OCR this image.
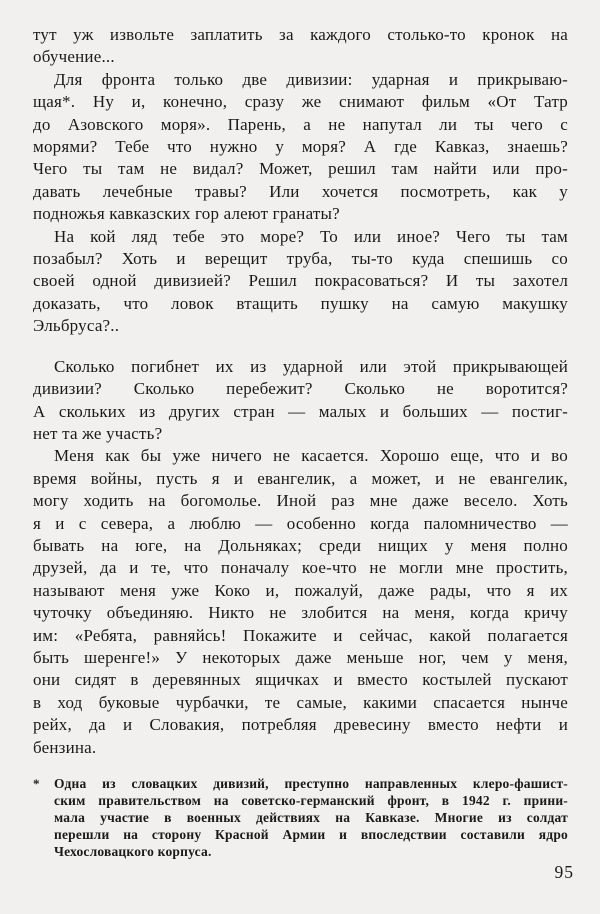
тут уж извольте заплатить за каждого столько-то кронок на
обучение...
Для фронта только две дивизии: ударная и прикрываю-
щая*. Ну и, конечно, сразу же снимают фильм «От Татр
до Азовского моря». Парень, а не напутал ли ты чего с
морями? Тебе что нужно у моря? А где Кавказ, знаешь?
Чего ты там не видал? Может, решил там найти или про-
давать лечебные травы? Или хочется посмотреть, как у
подножья кавказских гор алеют гранаты?
На кой ляд тебе это море? То или иное? Чего ты там
позабыл? Хоть и верещит труба, ты-то куда спешишь со
своей одной дивизией? Решил покрасоваться? И ты захотел
доказать, что ловок втащить пушку на самую макушку
Эльбруса?..
Сколько погибнет их из ударной или этой прикрывающей
дивизии? Сколько перебежит? Сколько не воротится?
А скольких из других стран — малых и больших — постиг-
нет та же участь?
Меня как бы уже ничего не касается. Хорошо еще, что и во
время войны, пусть я и евангелик, а может, и не евангелик,
могу ходить на богомолье. Иной раз мне даже весело. Хоть
я и с севера, а люблю — особенно когда паломничество —
бывать на юге, на Дольняках; среди нищих у меня полно
друзей, да и те, что поначалу кое-что не могли мне простить,
называют меня уже Коко и, пожалуй, даже рады, что я их
чуточку объединяю. Никто не злобится на меня, когда кричу
им: «Ребята, равняйсь! Покажите и сейчас, какой полагается
быть шеренге!» У некоторых даже меньше ног, чем у меня,
они сидят в деревянных ящичках и вместо костылей пускают
в ход буковые чурбачки, те самые, какими спасается нынче
рейх, да и Словакия, потребляя древесину вместо нефти и
бензина.
*	Одна из словацких дивизий, преступно направленных клеро-фашист-
ским правительством на советско-германский фронт, в 1942 г. прини-
мала участие в военных действиях на Кавказе. Многие из солдат
перешли на сторону Красной Армии и впоследствии составили ядро
Чехословацкого корпуса.
95
